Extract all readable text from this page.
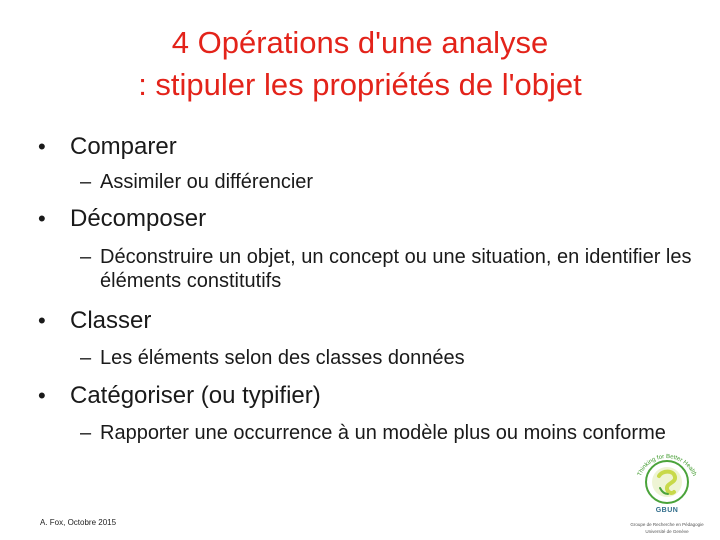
4 Opérations d'une analyse
: stipuler les propriétés de l'objet
• Comparer
– Assimiler ou différencier
• Décomposer
– Déconstruire un objet, un concept ou une situation, en identifier les éléments constitutifs
• Classer
– Les éléments selon des classes données
• Catégoriser (ou typifier)
– Rapporter une occurrence à un modèle plus ou moins conforme
A. Fox, Octobre 2015
Thinking for Better Health
GBUN
Groupe de Recherche en Pédagogie
Université de Genève
